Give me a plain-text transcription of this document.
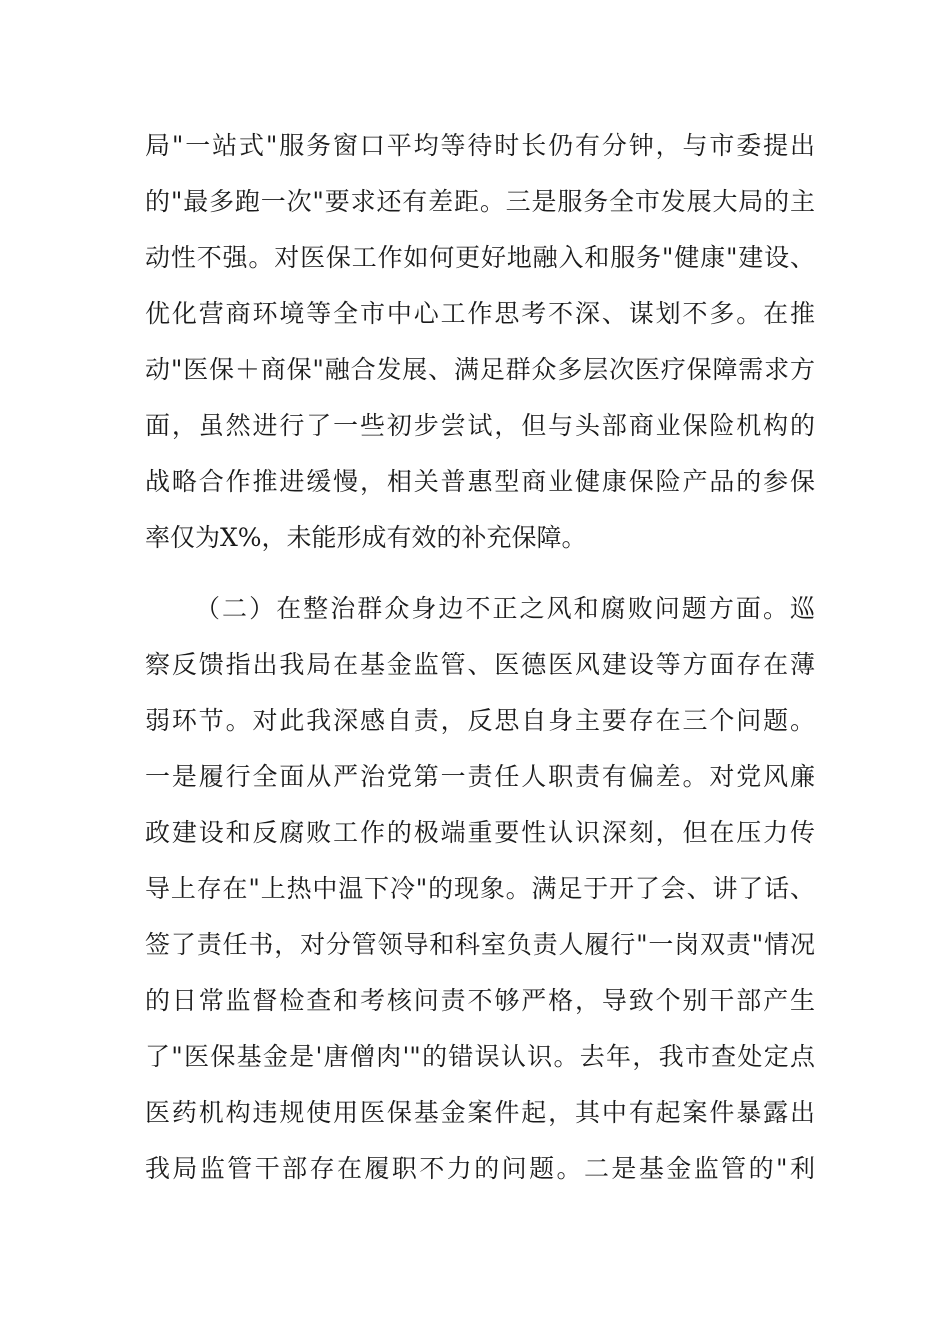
局"一站式"服务窗口平均等待时长仍有分钟，与市委提出
的"最多跑一次"要求还有差距。三是服务全市发展大局的主
动性不强。对医保工作如何更好地融入和服务"健康"建设、
优化营商环境等全市中心工作思考不深、谋划不多。在推
动"医保＋商保"融合发展、满足群众多层次医疗保障需求方
面，虽然进行了一些初步尝试，但与头部商业保险机构的
战略合作推进缓慢，相关普惠型商业健康保险产品的参保
率仅为X%，未能形成有效的补充保障。
（二）在整治群众身边不正之风和腐败问题方面。巡
察反馈指出我局在基金监管、医德医风建设等方面存在薄
弱环节。对此我深感自责，反思自身主要存在三个问题。
一是履行全面从严治党第一责任人职责有偏差。对党风廉
政建设和反腐败工作的极端重要性认识深刻，但在压力传
导上存在"上热中温下冷"的现象。满足于开了会、讲了话、
签了责任书，对分管领导和科室负责人履行"一岗双责"情况
的日常监督检查和考核问责不够严格，导致个别干部产生
了"医保基金是'唐僧肉'"的错误认识。去年，我市查处定点
医药机构违规使用医保基金案件起，其中有起案件暴露出
我局监管干部存在履职不力的问题。二是基金监管的"利
